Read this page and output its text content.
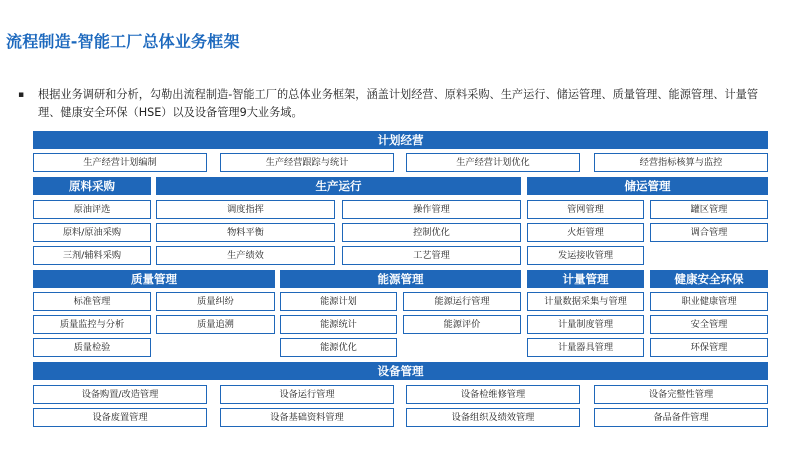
流程制造-智能工厂总体业务框架
▪ 根据业务调研和分析，勾勒出流程制造-智能工厂的总体业务框架，涵盖计划经营、原料采购、生产运行、储运管理、质量管理、能源管理、计量管理、健康安全环保（HSE）以及设备管理9大业务域。
计划经营
生产经营计划编制	生产经营跟踪与统计	生产经营计划优化	经营指标核算与监控
原料采购
原油评选
原料/原油采购
三剂/辅料采购
生产运行
调度指挥	操作管理
物料平衡	控制优化
生产绩效	工艺管理
储运管理
管网管理	罐区管理
火炬管理	调合管理
发运接收管理
质量管理
标准管理	质量纠纷
质量监控与分析	质量追溯
质量检验
能源管理
能源计划	能源运行管理
能源统计	能源评价
能源优化
计量管理
计量数据采集与管理
计量制度管理
计量器具管理
健康安全环保
职业健康管理
安全管理
环保管理
设备管理
设备购置/改造管理	设备运行管理	设备检维修管理	设备完整性管理
设备废置管理	设备基础资料管理	设备组织及绩效管理	备品备件管理
